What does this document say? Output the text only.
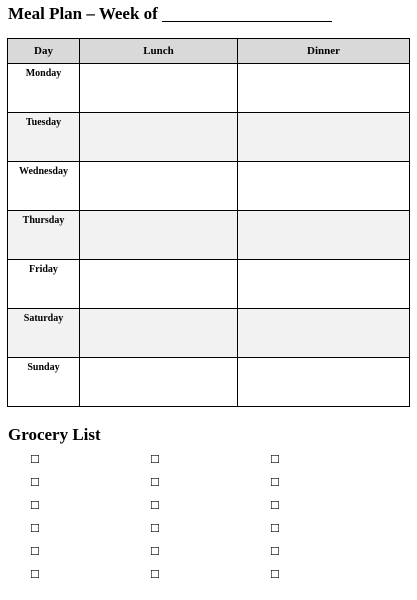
Meal Plan – Week of
Day	Lunch	Dinner
Monday		
Tuesday		
Wednesday		
Thursday		
Friday		
Saturday		
Sunday		
Grocery List
☐	☐	☐
☐	☐	☐
☐	☐	☐
☐	☐	☐
☐	☐	☐
☐	☐	☐
